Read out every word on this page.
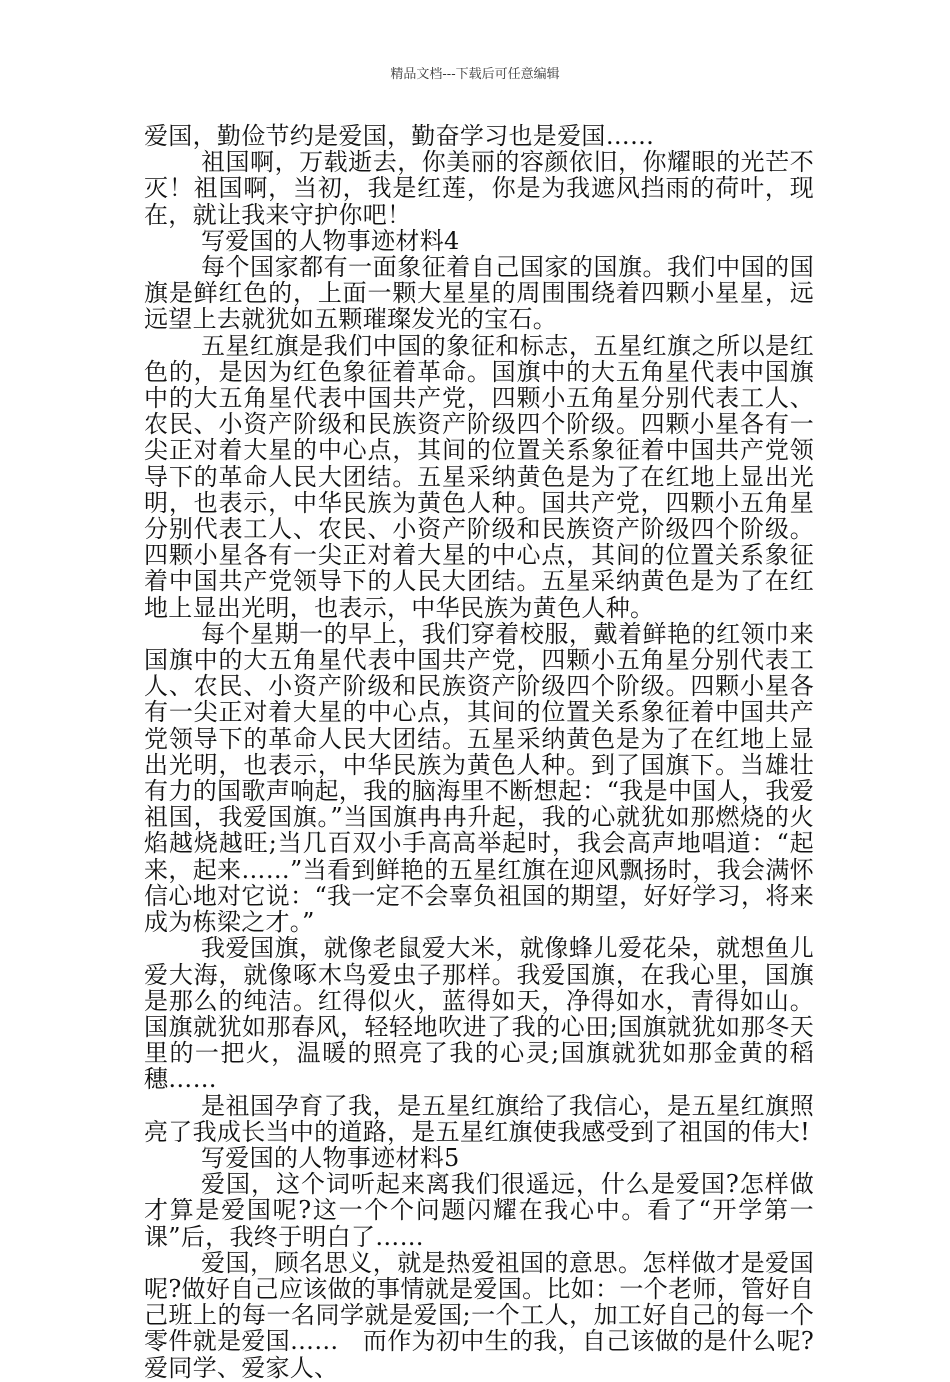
精品文档---下载后可任意编辑

爱国，勤俭节约是爱国，勤奋学习也是爱国……

祖国啊，万载逝去，你美丽的容颜依旧，你耀眼的光芒不灭！祖国啊，当初，我是红莲，你是为我遮风挡雨的荷叶，现在，就让我来守护你吧！

写爱国的人物事迹材料4

每个国家都有一面象征着自己国家的国旗。我们中国的国旗是鲜红色的，上面一颗大星星的周围围绕着四颗小星星，远远望上去就犹如五颗璀璨发光的宝石。

五星红旗是我们中国的象征和标志，五星红旗之所以是红色的，是因为红色象征着革命。国旗中的大五角星代表中国旗中的大五角星代表中国共产党，四颗小五角星分别代表工人、农民、小资产阶级和民族资产阶级四个阶级。四颗小星各有一尖正对着大星的中心点，其间的位置关系象征着中国共产党领导下的革命人民大团结。五星采纳黄色是为了在红地上显出光明，也表示，中华民族为黄色人种。国共产党，四颗小五角星分别代表工人、农民、小资产阶级和民族资产阶级四个阶级。四颗小星各有一尖正对着大星的中心点，其间的位置关系象征着中国共产党领导下的人民大团结。五星采纳黄色是为了在红地上显出光明，也表示，中华民族为黄色人种。

每个星期一的早上，我们穿着校服，戴着鲜艳的红领巾来国旗中的大五角星代表中国共产党，四颗小五角星分别代表工人、农民、小资产阶级和民族资产阶级四个阶级。四颗小星各有一尖正对着大星的中心点，其间的位置关系象征着中国共产党领导下的革命人民大团结。五星采纳黄色是为了在红地上显出光明，也表示，中华民族为黄色人种。到了国旗下。当雄壮有力的国歌声响起，我的脑海里不断想起：“我是中国人，我爱祖国，我爱国旗。”当国旗冉冉升起，我的心就犹如那燃烧的火焰越烧越旺;当几百双小手高高举起时，我会高声地唱道：“起来，起来……”当看到鲜艳的五星红旗在迎风飘扬时，我会满怀信心地对它说：“我一定不会辜负祖国的期望，好好学习，将来成为栋梁之才。”

我爱国旗，就像老鼠爱大米，就像蜂儿爱花朵，就想鱼儿爱大海，就像啄木鸟爱虫子那样。我爱国旗，在我心里，国旗是那么的纯洁。红得似火，蓝得如天，净得如水，青得如山。国旗就犹如那春风，轻轻地吹进了我的心田;国旗就犹如那冬天里的一把火，温暖的照亮了我的心灵;国旗就犹如那金黄的稻穗……

是祖国孕育了我，是五星红旗给了我信心，是五星红旗照亮了我成长当中的道路，是五星红旗使我感受到了祖国的伟大!

写爱国的人物事迹材料5

爱国，这个词听起来离我们很遥远，什么是爱国?怎样做才算是爱国呢?这一个个问题闪耀在我心中。看了“开学第一课”后，我终于明白了……

爱国，顾名思义，就是热爱祖国的意思。怎样做才是爱国呢?做好自己应该做的事情就是爱国。比如：一个老师，管好自己班上的每一名同学就是爱国;一个工人，加工好自己的每一个零件就是爱国……　而作为初中生的我，自己该做的是什么呢?爱同学、爱家人、
